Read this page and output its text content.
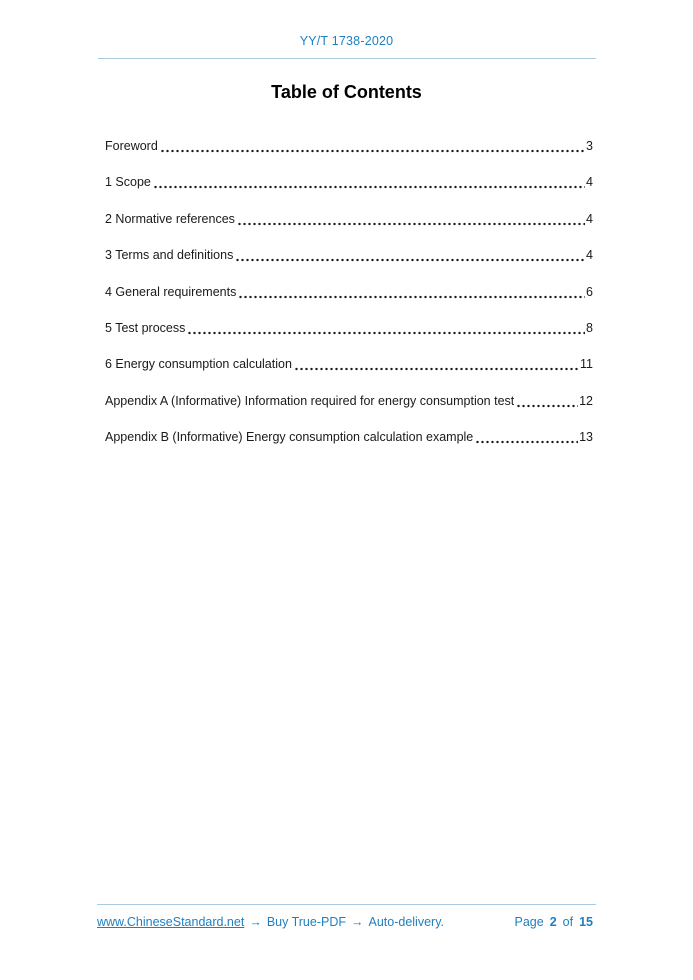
YY/T 1738-2020
Table of Contents
Foreword	3
1 Scope	4
2 Normative references	4
3 Terms and definitions	4
4 General requirements	6
5 Test process	8
6 Energy consumption calculation	11
Appendix A (Informative) Information required for energy consumption test	12
Appendix B (Informative) Energy consumption calculation example	13
www.ChineseStandard.net → Buy True-PDF → Auto-delivery.	Page 2 of 15
